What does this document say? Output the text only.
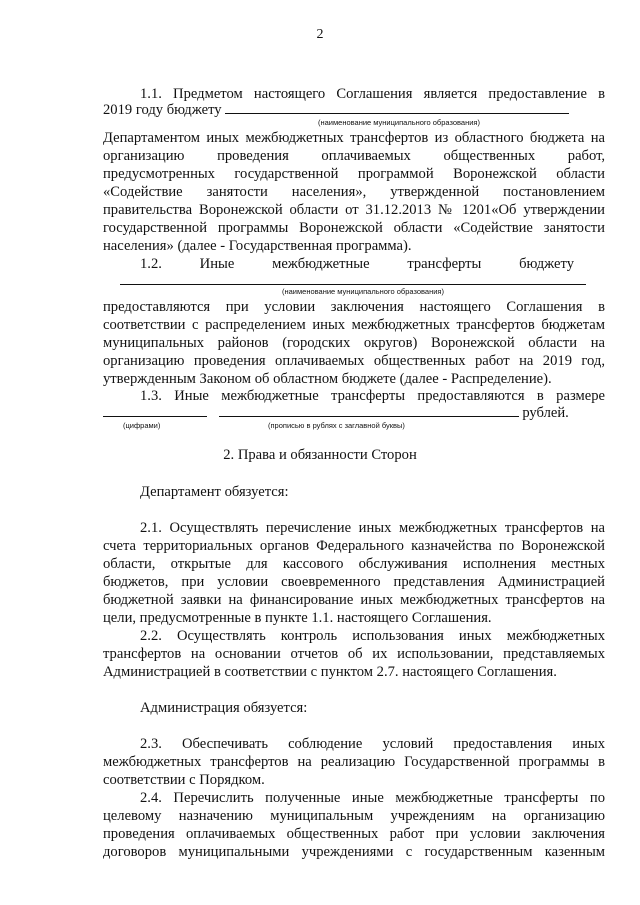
2
1.1. Предметом настоящего Соглашения является предоставление в
2019 году бюджету
(наименование муниципального образования)
Департаментом иных межбюджетных трансфертов из областного бюджета на
организацию проведения оплачиваемых общественных работ,
предусмотренных государственной программой Воронежской области
«Содействие занятости населения», утвержденной постановлением
правительства Воронежской области от 31.12.2013 № 1201«Об утверждении
государственной программы Воронежской области «Содействие занятости
населения» (далее - Государственная программа).
1.2. Иные межбюджетные трансферты бюджету
(наименование муниципального образования)
предоставляются при условии заключения настоящего Соглашения в
соответствии с распределением иных межбюджетных трансфертов бюджетам
муниципальных районов (городских округов) Воронежской области на
организацию проведения оплачиваемых общественных работ на 2019 год,
утвержденным Законом об областном бюджете (далее - Распределение).
1.3. Иные межбюджетные трансферты предоставляются в размере
рублей.
(цифрами)	(прописью в рублях с заглавной буквы)
2. Права и обязанности Сторон
Департамент обязуется:
2.1. Осуществлять перечисление иных межбюджетных трансфертов на
счета территориальных органов Федерального казначейства по Воронежской
области, открытые для кассового обслуживания исполнения местных
бюджетов, при условии своевременного представления Администрацией
бюджетной заявки на финансирование иных межбюджетных трансфертов на
цели, предусмотренные в пункте 1.1. настоящего Соглашения.
2.2. Осуществлять контроль использования иных межбюджетных
трансфертов на основании отчетов об их использовании, представляемых
Администрацией в соответствии с пунктом 2.7. настоящего Соглашения.
Администрация обязуется:
2.3. Обеспечивать соблюдение условий предоставления иных
межбюджетных трансфертов на реализацию Государственной программы в
соответствии с Порядком.
2.4. Перечислить полученные иные межбюджетные трансферты по
целевому назначению муниципальным учреждениям на организацию
проведения оплачиваемых общественных работ при условии заключения
договоров муниципальными учреждениями с государственным казенным
